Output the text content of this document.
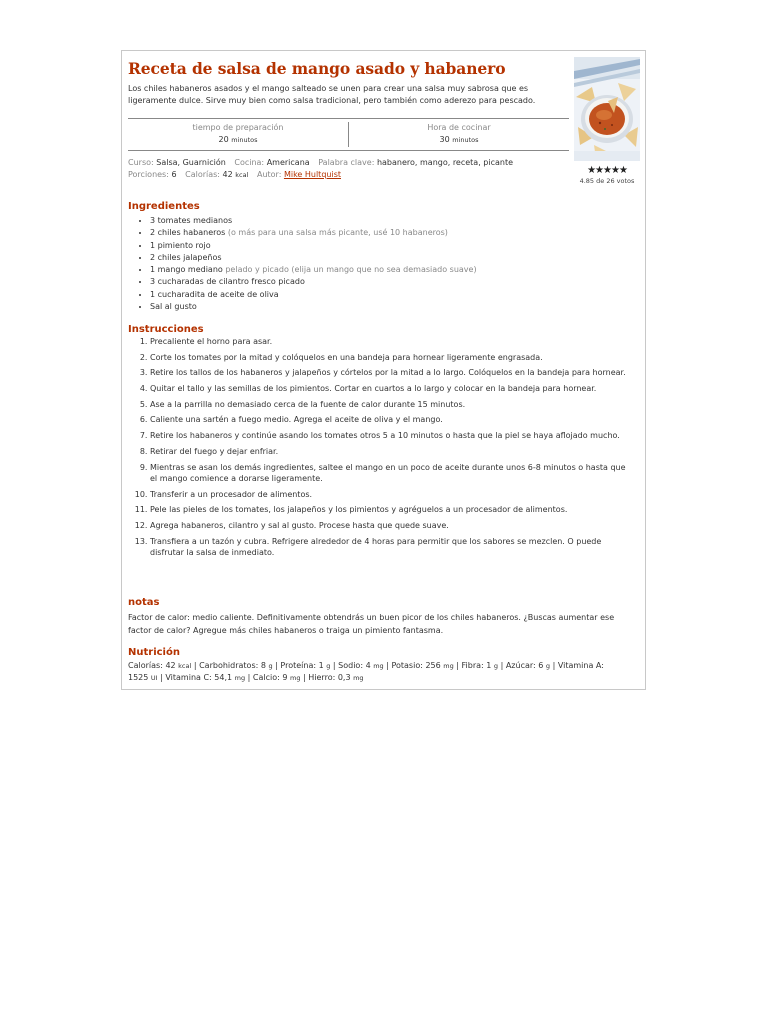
Receta de salsa de mango asado y habanero
Los chiles habaneros asados y el mango salteado se unen para crear una salsa muy sabrosa que es ligeramente dulce. Sirve muy bien como salsa tradicional, pero también como aderezo para pescado.
★★★★★
4.85 de 26 votos
tiempo de preparación
20 minutos
Hora de cocinar
30 minutos
Curso: Salsa, Guarnición Cocina: Americana Palabra clave: habanero, mango, receta, picante
Porciones: 6 Calorías: 42 kcal Autor: Mike Hultquist
Ingredientes
• 3 tomates medianos
• 2 chiles habaneros (o más para una salsa más picante, usé 10 habaneros)
• 1 pimiento rojo
• 2 chiles jalapeños
• 1 mango mediano pelado y picado (elija un mango que no sea demasiado suave)
• 3 cucharadas de cilantro fresco picado
• 1 cucharadita de aceite de oliva
• Sal al gusto
Instrucciones
1. Precaliente el horno para asar.
2. Corte los tomates por la mitad y colóquelos en una bandeja para hornear ligeramente engrasada.
3. Retire los tallos de los habaneros y jalapeños y córtelos por la mitad a lo largo. Colóquelos en la bandeja para hornear.
4. Quitar el tallo y las semillas de los pimientos. Cortar en cuartos a lo largo y colocar en la bandeja para hornear.
5. Ase a la parrilla no demasiado cerca de la fuente de calor durante 15 minutos.
6. Caliente una sartén a fuego medio. Agrega el aceite de oliva y el mango.
7. Retire los habaneros y continúe asando los tomates otros 5 a 10 minutos o hasta que la piel se haya aflojado mucho.
8. Retirar del fuego y dejar enfriar.
9. Mientras se asan los demás ingredientes, saltee el mango en un poco de aceite durante unos 6-8 minutos o hasta que el mango comience a dorarse ligeramente.
10. Transferir a un procesador de alimentos.
11. Pele las pieles de los tomates, los jalapeños y los pimientos y agréguelos a un procesador de alimentos.
12. Agrega habaneros, cilantro y sal al gusto. Procese hasta que quede suave.
13. Transfiera a un tazón y cubra. Refrigere alrededor de 4 horas para permitir que los sabores se mezclen. O puede disfrutar la salsa de inmediato.
notas
Factor de calor: medio caliente. Definitivamente obtendrás un buen picor de los chiles habaneros. ¿Buscas aumentar ese factor de calor? Agregue más chiles habaneros o traiga un pimiento fantasma.
Nutrición
Calorías: 42 kcal | Carbohidratos: 8 g | Proteína: 1 g | Sodio: 4 mg | Potasio: 256 mg | Fibra: 1 g | Azúcar: 6 g | Vitamina A: 1525 UI | Vitamina C: 54,1 mg | Calcio: 9 mg | Hierro: 0,3 mg
